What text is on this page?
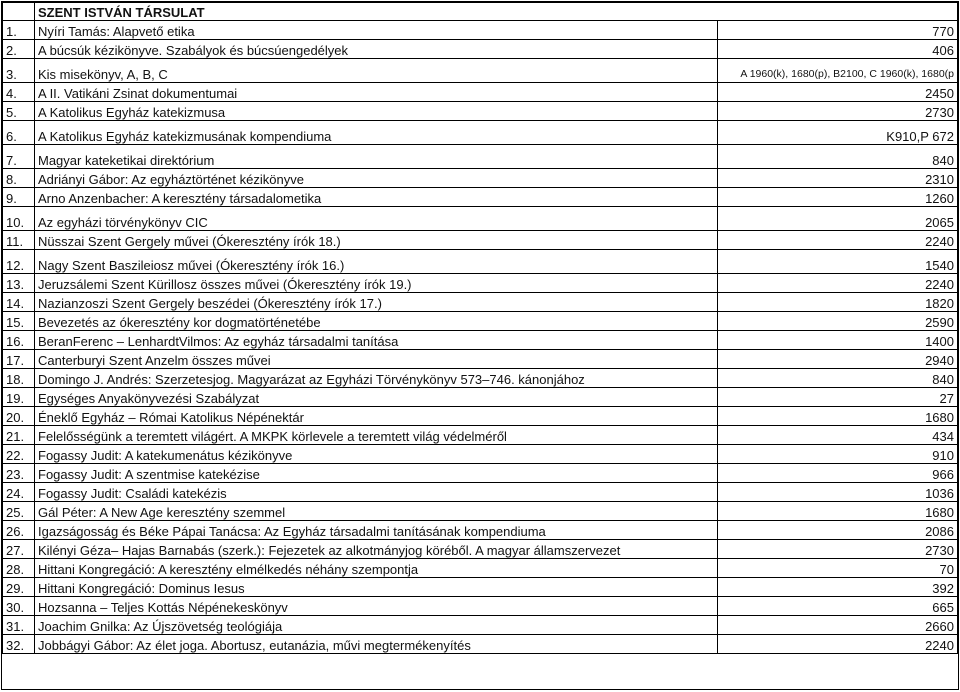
	SZENT ISTVÁN TÁRSULAT	
1.	Nyíri Tamás: Alapvető etika	770
2.	A búcsúk kézikönyve. Szabályok és búcsúengedélyek	406
3.	Kis misekönyv, A, B, C	A 1960(k), 1680(p), B2100, C 1960(k), 1680(p
4.	A II. Vatikáni Zsinat dokumentumai	2450
5.	A Katolikus Egyház katekizmusa	2730
6.	A Katolikus Egyház katekizmusának kompendiuma	K910,P 672
7.	Magyar kateketikai direktórium	840
8.	Adriányi Gábor: Az egyháztörténet kézikönyve	2310
9.	Arno Anzenbacher: A keresztény társadalometika	1260
10.	Az egyházi törvénykönyv CIC	2065
11.	Nüsszai Szent Gergely művei (Ókeresztény írók 18.)	2240
12.	Nagy Szent Baszileiosz művei (Ókeresztény írók 16.)	1540
13.	Jeruzsálemi Szent Kürillosz összes művei (Ókeresztény írók 19.)	2240
14.	Nazianzoszi Szent Gergely beszédei (Ókeresztény írók 17.)	1820
15.	Bevezetés az ókeresztény kor dogmatörténetébe	2590
16.	BeranFerenc – LenhardtVilmos: Az egyház társadalmi tanítása	1400
17.	Canterburyi Szent Anzelm összes művei	2940
18.	Domingo J. Andrés: Szerzetesjog. Magyarázat az Egyházi Törvénykönyv 573–746. kánonjához	840
19.	Egységes Anyakönyvezési Szabályzat	27
20.	Éneklő Egyház – Római Katolikus Népénektár	1680
21.	Felelősségünk a teremtett világért. A MKPK körlevele a teremtett világ védelméről	434
22.	Fogassy Judit: A katekumenátus kézikönyve	910
23.	Fogassy Judit: A szentmise katekézise	966
24.	Fogassy Judit: Családi katekézis	1036
25.	Gál Péter: A New Age keresztény szemmel	1680
26.	Igazságosság és Béke Pápai Tanácsa: Az Egyház társadalmi tanításának kompendiuma	2086
27.	Kilényi Géza– Hajas Barnabás (szerk.): Fejezetek az alkotmányjog köréből. A magyar államszervezet	2730
28.	Hittani Kongregáció: A keresztény elmélkedés néhány szempontja	70
29.	Hittani Kongregáció: Dominus Iesus	392
30.	Hozsanna – Teljes Kottás Népénekeskönyv	665
31.	Joachim Gnilka: Az Újszövetség teológiája	2660
32.	Jobbágyi Gábor: Az élet joga. Abortusz, eutanázia, művi megtermékenyítés	2240
